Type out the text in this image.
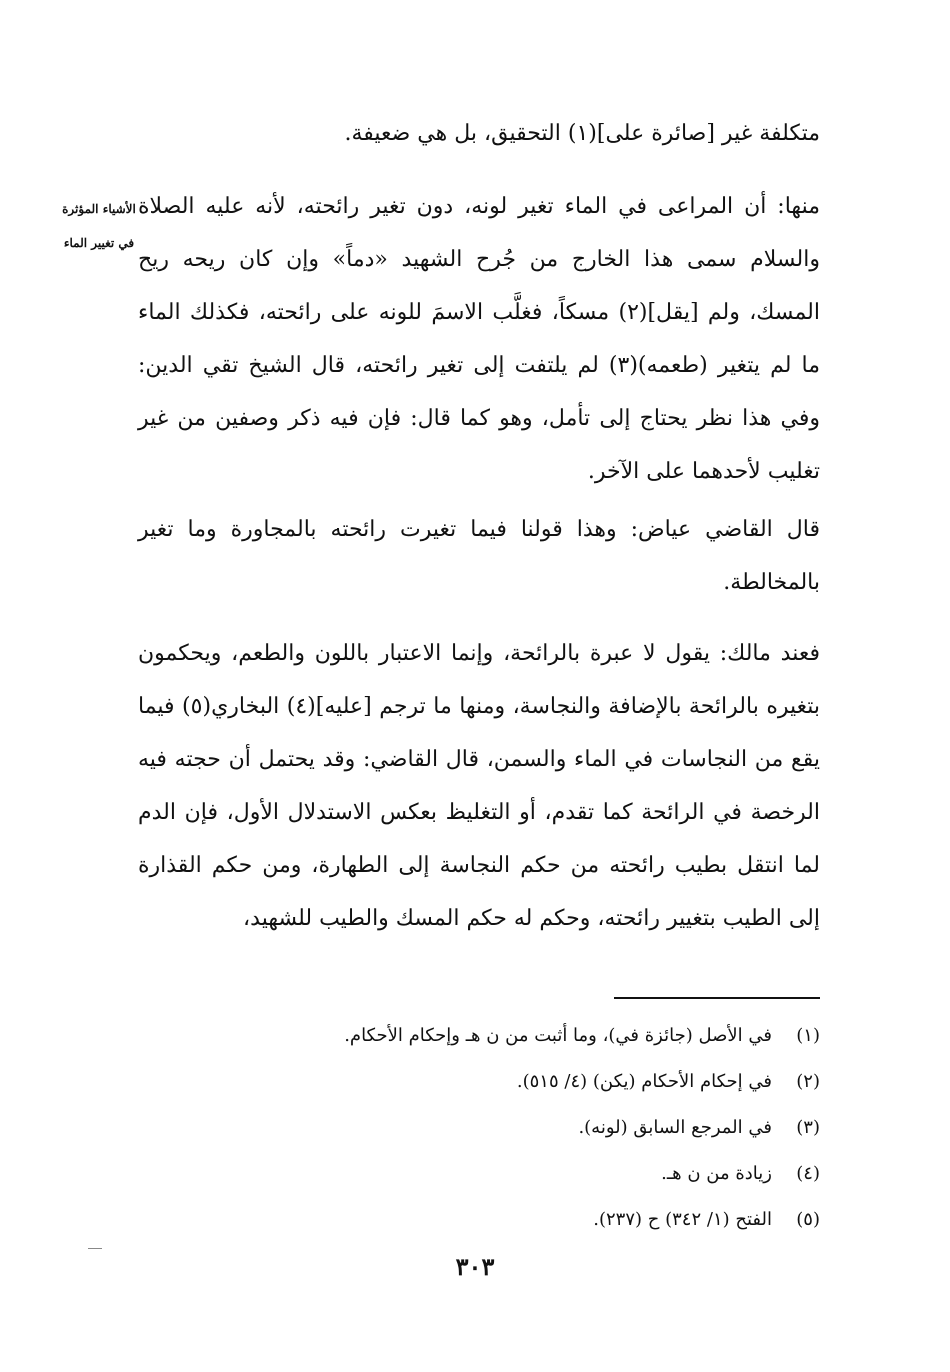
متكلفة غير [صائرة على](١) التحقيق، بل هي ضعيفة.

منها: أن المراعى في الماء تغير لونه، دون تغير رائحته، لأنه عليه الصلاة والسلام سمى هذا الخارج من جُرح الشهيد «دماً» وإن كان ريحه ريح المسك، ولم [يقل](٢) مسكاً، فغلَّب الاسمَ للونه على رائحته، فكذلك الماء ما لم يتغير (طعمه)(٣) لم يلتفت إلى تغير رائحته، قال الشيخ تقي الدين: وفي هذا نظر يحتاج إلى تأمل، وهو كما قال: فإن فيه ذكر وصفين من غير تغليب لأحدهما على الآخر.

قال القاضي عياض: وهذا قولنا فيما تغيرت رائحته بالمجاورة وما تغير بالمخالطة.

فعند مالك: يقول لا عبرة بالرائحة، وإنما الاعتبار باللون والطعم، ويحكمون بتغيره بالرائحة بالإضافة والنجاسة، ومنها ما ترجم [عليه](٤) البخاري(٥) فيما يقع من النجاسات في الماء والسمن، قال القاضي: وقد يحتمل أن حجته فيه الرخصة في الرائحة كما تقدم، أو التغليظ بعكس الاستدلال الأول، فإن الدم لما انتقل بطيب رائحته من حكم النجاسة إلى الطهارة، ومن حكم القذارة إلى الطيب بتغيير رائحته، وحكم له حكم المسك والطيب للشهيد،

الأشياء المؤثرة
في تغيير الماء
(١)
في الأصل (جائزة في)، وما أثبت من ن هـ وإحكام الأحكام.
(٢)
في إحكام الأحكام (يكن) (٤/ ٥١٥).
(٣)
في المرجع السابق (لونه).
(٤)
زيادة من ن هـ.
(٥)
الفتح (١/ ٣٤٢) ح (٢٣٧).
٣٠٣
